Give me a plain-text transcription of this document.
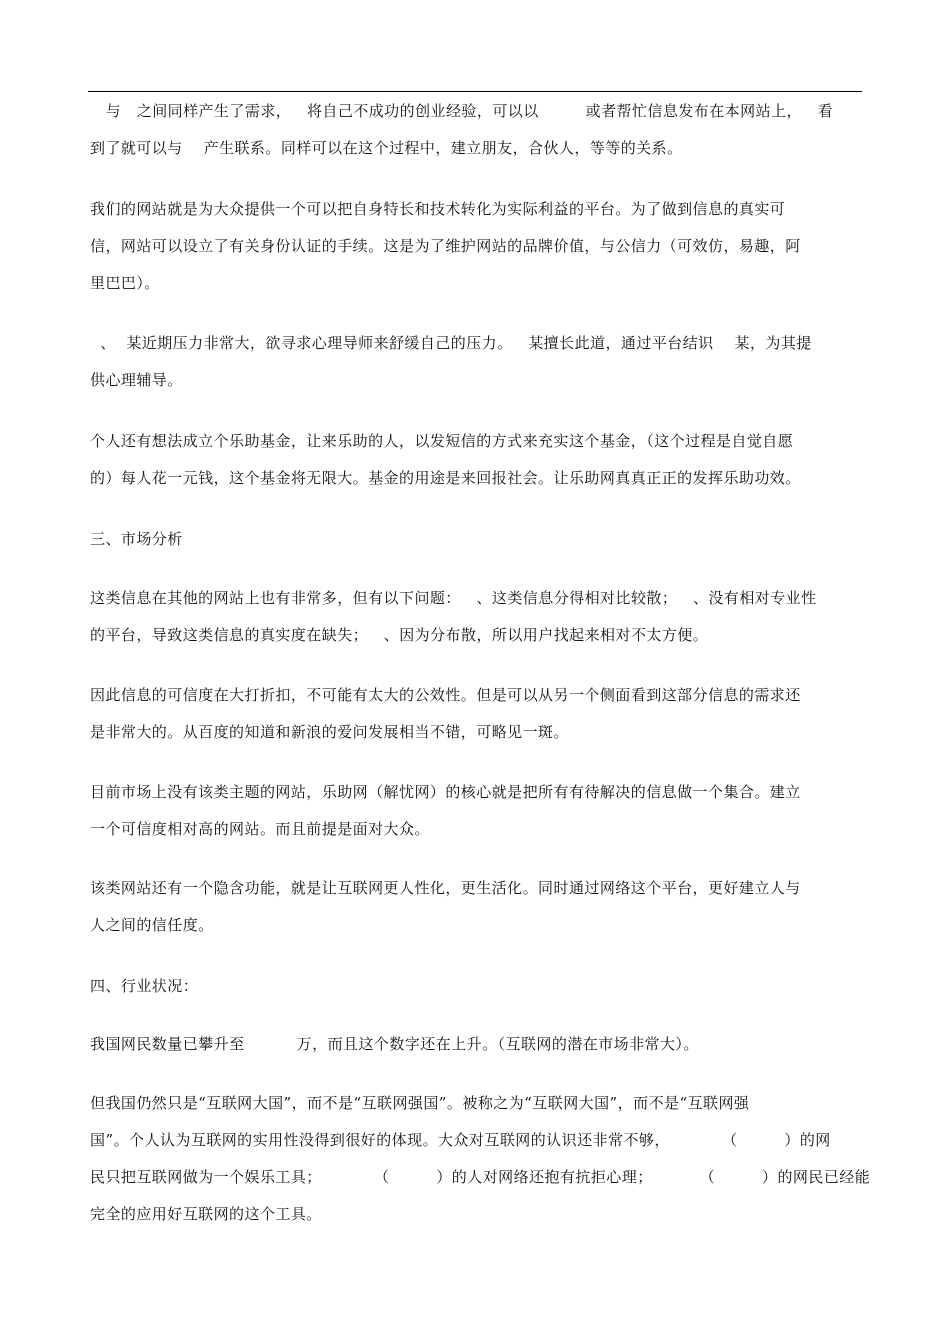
与   之间同样产生了需求，   将自己不成功的创业经验，可以以         或者帮忙信息发布在本网站上，   看
到了就可以与    产生联系。同样可以在这个过程中，建立朋友，合伙人，等等的关系。
我们的网站就是为大众提供一个可以把自身特长和技术转化为实际利益的平台。为了做到信息的真实可
信，网站可以设立了有关身份认证的手续。这是为了维护网站的品牌价值，与公信力（可效仿，易趣，阿
里巴巴）。
、  某近期压力非常大，欲寻求心理导师来舒缓自己的压力。   某擅长此道，通过平台结识    某，为其提
供心理辅导。
个人还有想法成立个乐助基金，让来乐助的人，以发短信的方式来充实这个基金，（这个过程是自觉自愿
的）每人花一元钱，这个基金将无限大。基金的用途是来回报社会。让乐助网真真正正的发挥乐助功效。
三、市场分析
这类信息在其他的网站上也有非常多，但有以下问题：   、这类信息分得相对比较散；   、没有相对专业性
的平台，导致这类信息的真实度在缺失；   、因为分布散，所以用户找起来相对不太方便。
因此信息的可信度在大打折扣，不可能有太大的公效性。但是可以从另一个侧面看到这部分信息的需求还
是非常大的。从百度的知道和新浪的爱问发展相当不错，可略见一斑。
目前市场上没有该类主题的网站，乐助网（解忧网）的核心就是把所有有待解决的信息做一个集合。建立
一个可信度相对高的网站。而且前提是面对大众。
该类网站还有一个隐含功能，就是让互联网更人性化，更生活化。同时通过网络这个平台，更好建立人与
人之间的信任度。
四、行业状况：
我国网民数量已攀升至          万，而且这个数字还在上升。（互联网的潜在市场非常大）。
但我国仍然只是“互联网大国”，而不是“互联网强国”。被称之为“互联网大国”，而不是“互联网强
国”。个人认为互联网的实用性没得到很好的体现。大众对互联网的认识还非常不够，          （         ）的网
民只把互联网做为一个娱乐工具；          （         ）的人对网络还抱有抗拒心理；         （         ）的网民已经能
完全的应用好互联网的这个工具。
